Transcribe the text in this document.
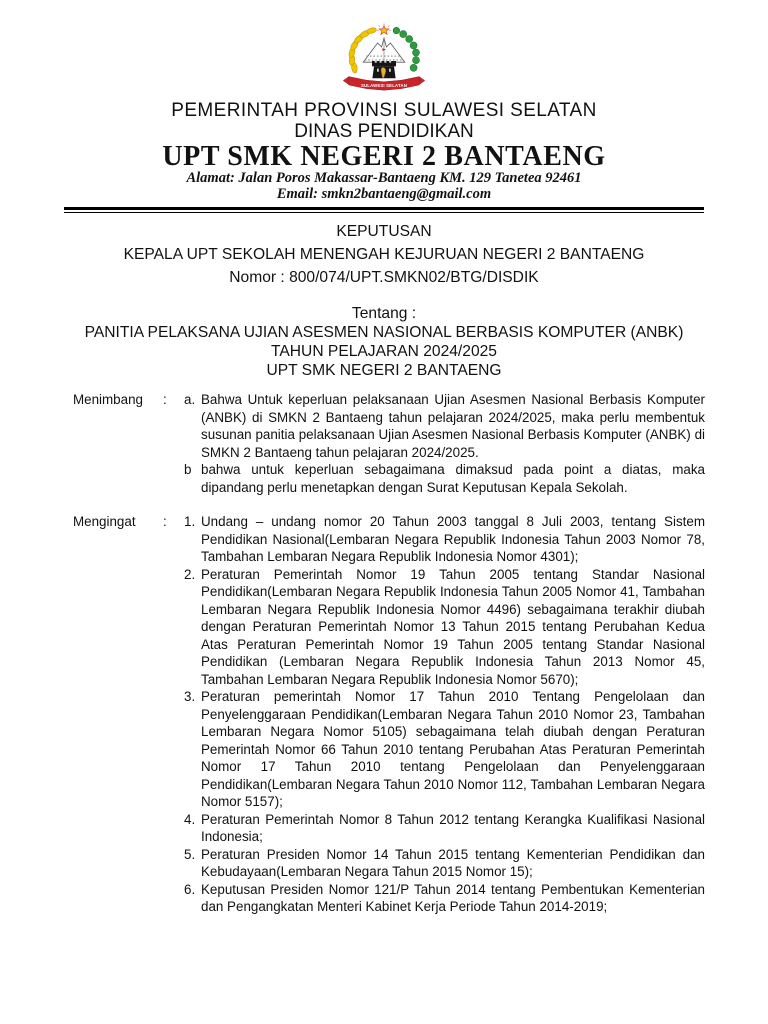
SULAWESI SELATAN
PEMERINTAH PROVINSI SULAWESI SELATAN
DINAS PENDIDIKAN
UPT SMK NEGERI 2 BANTAENG
Alamat: Jalan Poros Makassar-Bantaeng KM. 129 Tanetea 92461
Email: smkn2bantaeng@gmail.com
KEPUTUSAN
KEPALA UPT SEKOLAH MENENGAH KEJURUAN NEGERI 2 BANTAENG
Nomor : 800/074/UPT.SMKN02/BTG/DISDIK
Tentang :
PANITIA PELAKSANA UJIAN ASESMEN NASIONAL BERBASIS KOMPUTER (ANBK)
TAHUN PELAJARAN 2024/2025
UPT SMK NEGERI 2 BANTAENG
Menimbang	:	a. Bahwa Untuk keperluan pelaksanaan Ujian Asesmen Nasional Berbasis Komputer (ANBK) di SMKN 2 Bantaeng tahun pelajaran 2024/2025, maka perlu membentuk susunan panitia pelaksanaan Ujian Asesmen Nasional Berbasis Komputer (ANBK) di SMKN 2 Bantaeng tahun pelajaran 2024/2025.
b bahwa untuk keperluan sebagaimana dimaksud pada point a diatas, maka dipandang perlu menetapkan dengan Surat Keputusan Kepala Sekolah.
Mengingat	:	1. Undang – undang nomor 20 Tahun 2003 tanggal 8 Juli 2003, tentang Sistem Pendidikan Nasional(Lembaran Negara Republik Indonesia Tahun 2003 Nomor 78, Tambahan Lembaran Negara Republik Indonesia Nomor 4301);
2. Peraturan Pemerintah Nomor 19 Tahun 2005 tentang Standar Nasional Pendidikan(Lembaran Negara Republik Indonesia Tahun 2005 Nomor 41, Tambahan Lembaran Negara Republik Indonesia Nomor 4496) sebagaimana terakhir diubah dengan Peraturan Pemerintah Nomor 13 Tahun 2015 tentang Perubahan Kedua Atas Peraturan Pemerintah Nomor 19 Tahun 2005 tentang Standar Nasional Pendidikan (Lembaran Negara Republik Indonesia Tahun 2013 Nomor 45, Tambahan Lembaran Negara Republik Indonesia Nomor 5670);
3. Peraturan pemerintah Nomor 17 Tahun 2010 Tentang Pengelolaan dan Penyelenggaraan Pendidikan(Lembaran Negara Tahun 2010 Nomor 23, Tambahan Lembaran Negara Nomor 5105) sebagaimana telah diubah dengan Peraturan Pemerintah Nomor 66 Tahun 2010 tentang Perubahan Atas Peraturan Pemerintah Nomor 17 Tahun 2010 tentang Pengelolaan dan Penyelenggaraan Pendidikan(Lembaran Negara Tahun 2010 Nomor 112, Tambahan Lembaran Negara Nomor 5157);
4. Peraturan Pemerintah Nomor 8 Tahun 2012 tentang Kerangka Kualifikasi Nasional Indonesia;
5. Peraturan Presiden Nomor 14 Tahun 2015 tentang Kementerian Pendidikan dan Kebudayaan(Lembaran Negara Tahun 2015 Nomor 15);
6. Keputusan Presiden Nomor 121/P Tahun 2014 tentang Pembentukan Kementerian dan Pengangkatan Menteri Kabinet Kerja Periode Tahun 2014-2019;
